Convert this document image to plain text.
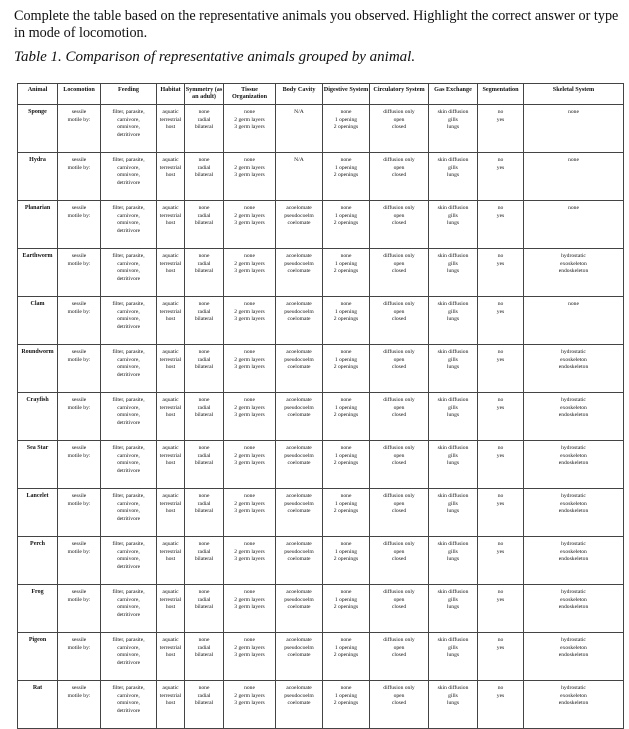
Complete the table based on the representative animals you observed. Highlight the correct answer or type in mode of locomotion.
Table 1. Comparison of representative animals grouped by animal.
Animal	Locomotion	Feeding	Habitat	Symmetry (as an adult)	Tissue Organization	Body Cavity	Digestive System	Circulatory System	Gas Exchange	Segmentation	Skeletal System
Sponge	sessile
motile by:	filter, parasite,
carnivore,
omnivore,
detritivore	aquatic
terrestrial
host	none
radial
bilateral	none
2 germ layers
3 germ layers	N/A	none
1 opening
2 openings	diffusion only
open
closed	skin diffusion
gills
lungs	no
yes	none
Hydra	sessile
motile by:	filter, parasite,
carnivore,
omnivore,
detritivore	aquatic
terrestrial
host	none
radial
bilateral	none
2 germ layers
3 germ layers	N/A	none
1 opening
2 openings	diffusion only
open
closed	skin diffusion
gills
lungs	no
yes	none
Planarian	sessile
motile by:	filter, parasite,
carnivore,
omnivore,
detritivore	aquatic
terrestrial
host	none
radial
bilateral	none
2 germ layers
3 germ layers	acoelomate
pseudocoelm
coelomate	none
1 opening
2 openings	diffusion only
open
closed	skin diffusion
gills
lungs	no
yes	none
Earthworm	sessile
motile by:	filter, parasite,
carnivore,
omnivore,
detritivore	aquatic
terrestrial
host	none
radial
bilateral	none
2 germ layers
3 germ layers	acoelomate
pseudocoelm
coelomate	none
1 opening
2 openings	diffusion only
open
closed	skin diffusion
gills
lungs	no
yes	hydrostatic
exoskeleton
endoskeleton

Clam	sessile
motile by:	filter, parasite,
carnivore,
omnivore,
detritivore	aquatic
terrestrial
host	none
radial
bilateral	none
2 germ layers
3 germ layers	acoelomate
pseudocoelm
coelomate	none
1 opening
2 openings	diffusion only
open
closed	skin diffusion
gills
lungs	no
yes	none
Roundworm	sessile
motile by:	filter, parasite,
carnivore,
omnivore,
detritivore	aquatic
terrestrial
host	none
radial
bilateral	none
2 germ layers
3 germ layers	acoelomate
pseudocoelm
coelomate	none
1 opening
2 openings	diffusion only
open
closed	skin diffusion
gills
lungs	no
yes	hydrostatic
exoskeleton
endoskeleton

Crayfish	sessile
motile by:	filter, parasite,
carnivore,
omnivore,
detritivore	aquatic
terrestrial
host	none
radial
bilateral	none
2 germ layers
3 germ layers	acoelomate
pseudocoelm
coelomate	none
1 opening
2 openings	diffusion only
open
closed	skin diffusion
gills
lungs	no
yes	hydrostatic
exoskeleton
endoskeleton

Sea Star	sessile
motile by:	filter, parasite,
carnivore,
omnivore,
detritivore	aquatic
terrestrial
host	none
radial
bilateral	none
2 germ layers
3 germ layers	acoelomate
pseudocoelm
coelomate	none
1 opening
2 openings	diffusion only
open
closed	skin diffusion
gills
lungs	no
yes	hydrostatic
exoskeleton
endoskeleton

Lancelet	sessile
motile by:	filter, parasite,
carnivore,
omnivore,
detritivore	aquatic
terrestrial
host	none
radial
bilateral	none
2 germ layers
3 germ layers	acoelomate
pseudocoelm
coelomate	none
1 opening
2 openings	diffusion only
open
closed	skin diffusion
gills
lungs	no
yes	hydrostatic
exoskeleton
endoskeleton

Perch	sessile
motile by:	filter, parasite,
carnivore,
omnivore,
detritivore	aquatic
terrestrial
host	none
radial
bilateral	none
2 germ layers
3 germ layers	acoelomate
pseudocoelm
coelomate	none
1 opening
2 openings	diffusion only
open
closed	skin diffusion
gills
lungs	no
yes	hydrostatic
exoskeleton
endoskeleton

Frog	sessile
motile by:	filter, parasite,
carnivore,
omnivore,
detritivore	aquatic
terrestrial
host	none
radial
bilateral	none
2 germ layers
3 germ layers	acoelomate
pseudocoelm
coelomate	none
1 opening
2 openings	diffusion only
open
closed	skin diffusion
gills
lungs	no
yes	hydrostatic
exoskeleton
endoskeleton

Pigeon	sessile
motile by:	filter, parasite,
carnivore,
omnivore,
detritivore	aquatic
terrestrial
host	none
radial
bilateral	none
2 germ layers
3 germ layers	acoelomate
pseudocoelm
coelomate	none
1 opening
2 openings	diffusion only
open
closed	skin diffusion
gills
lungs	no
yes	hydrostatic
exoskeleton
endoskeleton

Rat	sessile
motile by:	filter, parasite,
carnivore,
omnivore,
detritivore	aquatic
terrestrial
host	none
radial
bilateral	none
2 germ layers
3 germ layers	acoelomate
pseudocoelm
coelomate	none
1 opening
2 openings	diffusion only
open
closed	skin diffusion
gills
lungs	no
yes	hydrostatic
exoskeleton
endoskeleton
